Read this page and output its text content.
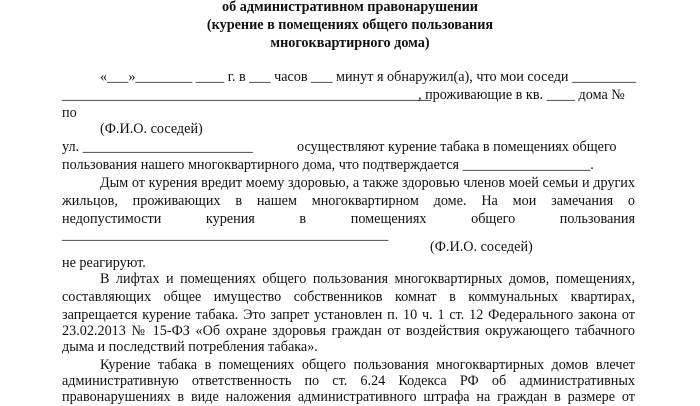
об административном правонарушении
(курение в помещениях общего пользования
многоквартирного дома)
«___»________ ____ г. в ___ часов ___ минут я обнаружил(а), что мои соседи _________
____________________________________________________
, проживающие в кв. ____ дома №
по
(Ф.И.О. соседей)
ул. ________________________	осуществляют курение табака в помещениях общего
пользования нашего многоквартирного дома, что подтверждается __________________.
Дым от курения вредит моему здоровью, а также здоровью членов моей семьи и других
жильцов, проживающих в нашем многоквартирном доме. На мои замечания о
недопустимости курения в помещениях общего пользования
______________________________________________
(Ф.И.О. соседей)
не реагируют.
В лифтах и помещениях общего пользования многоквартирных домов, помещениях,
составляющих общее имущество собственников комнат в коммунальных квартирах,
запрещается курение табака. Это запрет установлен п. 10 ч. 1 ст. 12 Федерального закона от
23.02.2013 № 15-ФЗ «Об охране здоровья граждан от воздействия окружающего табачного
дыма и последствий потребления табака».
Курение табака в помещениях общего пользования многоквартирных домов влечет
административную ответственность по ст. 6.24 Кодекса РФ об административных
правонарушениях в виде наложения административного штрафа на граждан в размере от
